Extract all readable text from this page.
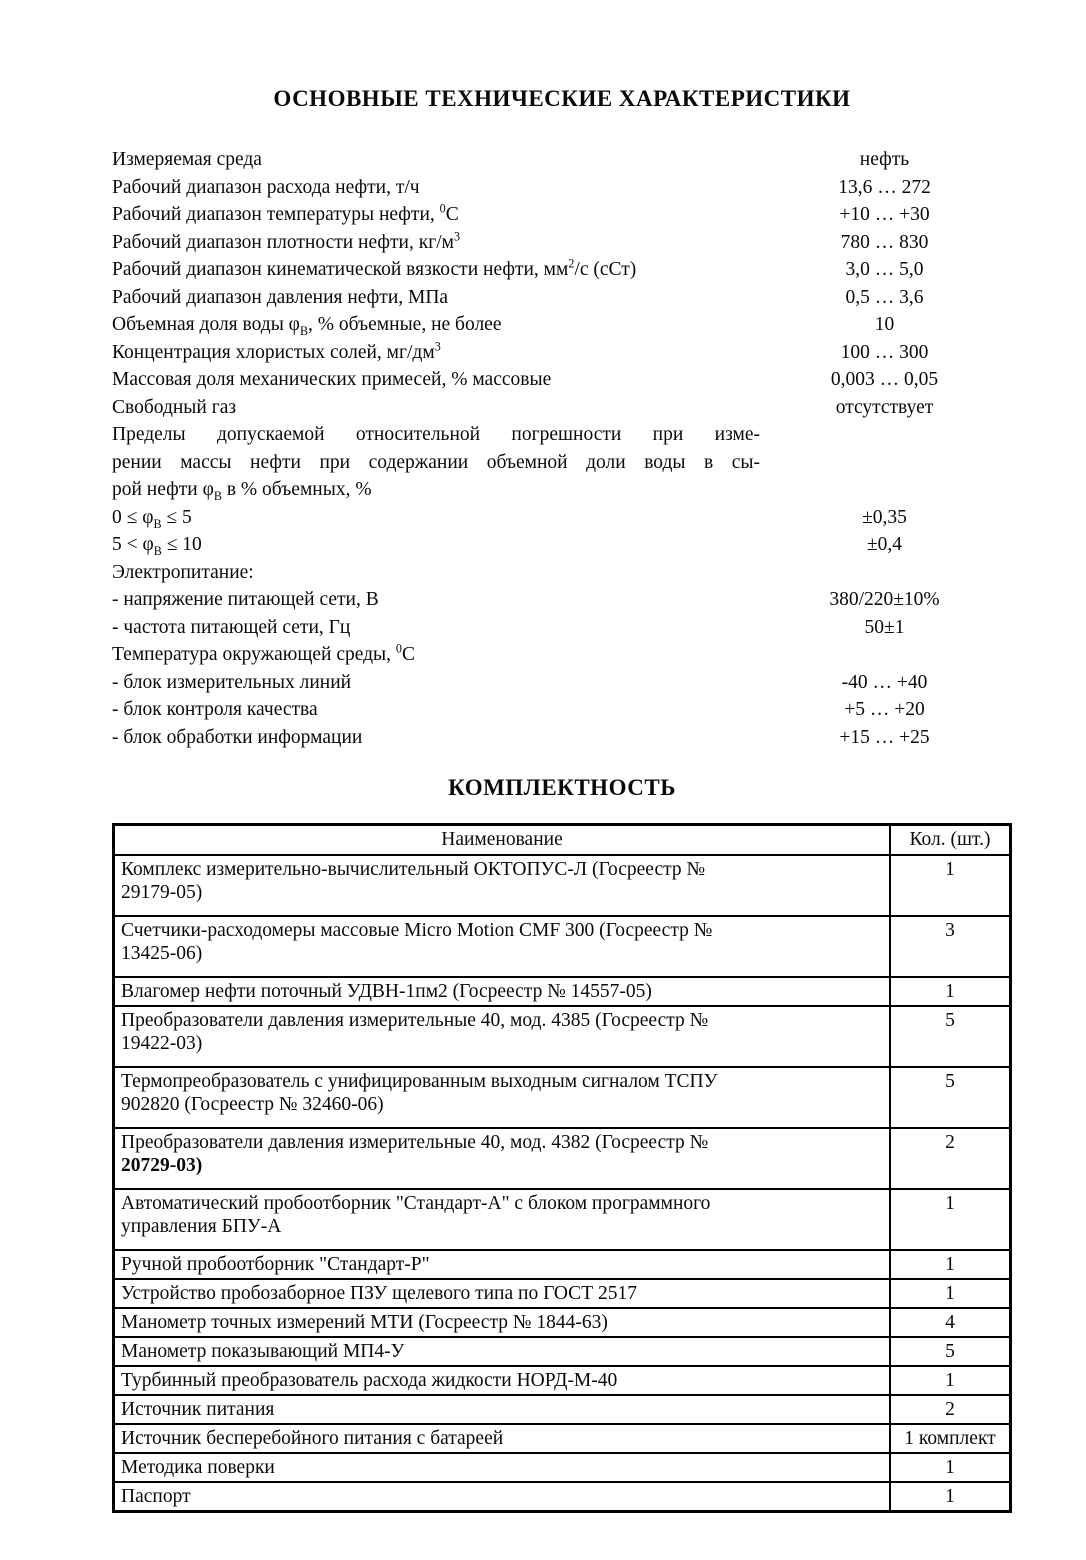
ОСНОВНЫЕ ТЕХНИЧЕСКИЕ ХАРАКТЕРИСТИКИ
Измеряемая среда	нефть
Рабочий диапазон расхода нефти, т/ч	13,6 … 272
Рабочий диапазон температуры нефти, $^0$С	+10 … +30
Рабочий диапазон плотности нефти, $кг/м^3$	780 … 830
Рабочий диапазон кинематической вязкости нефти, $мм^2/с$ (сСт)	3,0 … 5,0
Рабочий диапазон давления нефти, МПа	0,5 … 3,6
Объемная доля воды $\varphi_В$, % объемные, не более	10
Концентрация хлористых солей, $мг/дм^3$	100 … 300
Массовая доля механических примесей, % массовые	0,003 … 0,05
Свободный газ	отсутствует
Пределы допускаемой относительной погрешности при изме-
рении массы нефти при содержании объемной доли воды в сы-
рой нефти $\varphi_В$ в % объемных, %
$0 \le \varphi_В \le 5$	±0,35
$5 < \varphi_В \le 10$	±0,4
Электропитание:
- напряжение питающей сети, В	380/220±10%
- частота питающей сети, Гц	50±1
Температура окружающей среды, $^0$С
- блок измерительных линий	-40 … +40
- блок контроля качества	+5 … +20
- блок обработки информации	+15 … +25
КОМПЛЕКТНОСТЬ
Наименование	Кол. (шт.)
Комплекс измерительно-вычислительный ОКТОПУС-Л (Госреестр №
29179-05)	1
Счетчики-расходомеры массовые Micro Motion CMF 300 (Госреестр №
13425-06)	3
Влагомер нефти поточный УДВН-1пм2 (Госреестр № 14557-05)	1
Преобразователи давления измерительные 40, мод. 4385 (Госреестр №
19422-03)	5
Термопреобразователь с унифицированным выходным сигналом ТСПУ
902820 (Госреестр № 32460-06)	5
Преобразователи давления измерительные 40, мод. 4382 (Госреестр №
20729-03)	2
Автоматический пробоотборник "Стандарт-А" с блоком программного
управления БПУ-А	1
Ручной пробоотборник "Стандарт-Р"	1
Устройство пробозаборное ПЗУ щелевого типа по ГОСТ 2517	1
Манометр точных измерений МТИ (Госреестр № 1844-63)	4
Манометр показывающий МП4-У	5
Турбинный преобразователь расхода жидкости НОРД-М-40	1
Источник питания	2
Источник бесперебойного питания с батареей	1 комплект
Методика поверки	1
Паспорт	1
